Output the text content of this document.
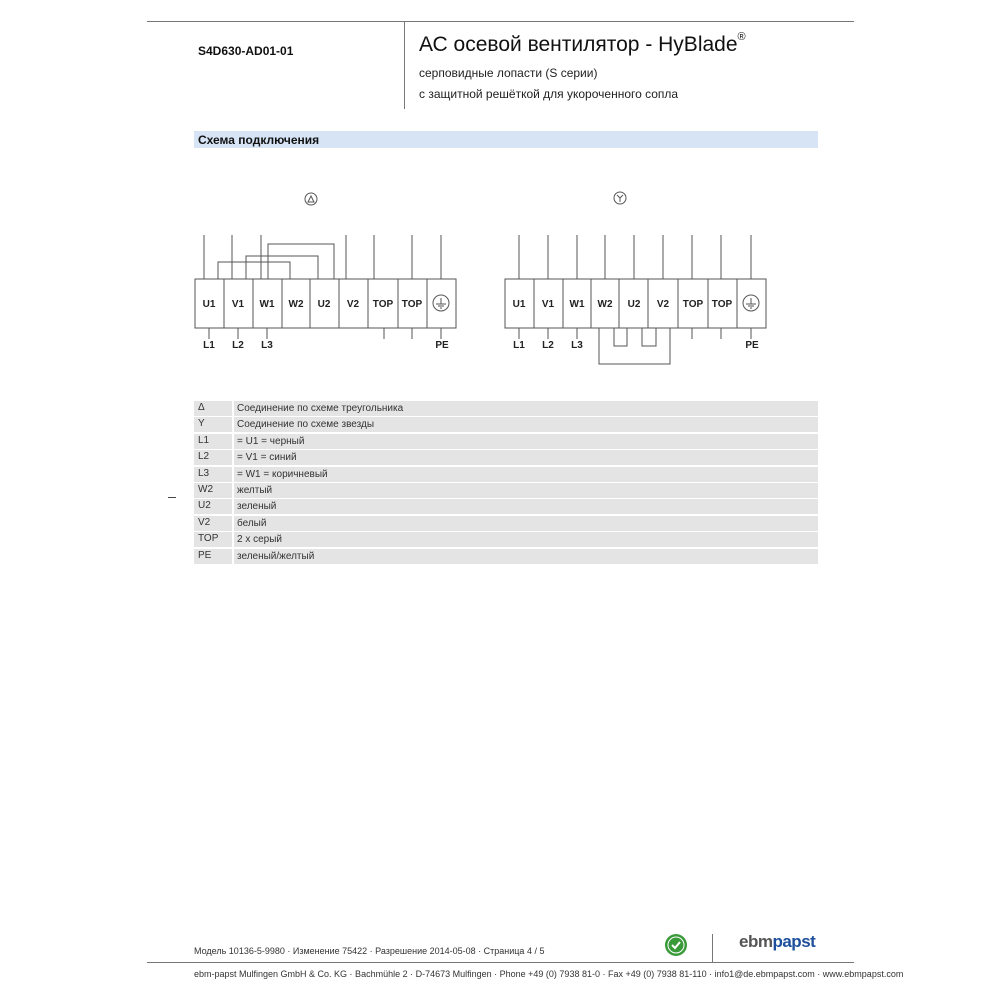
S4D630-AD01-01	АС осевой вентилятор - HyBlade®
серповидные лопасти (S серии)
с защитной решёткой для укороченного сопла
Схема подключения
U1 V1 W1 W2 U2 V2 TOP TOP
L1 L2 L3	PE
U1 V1 W1 W2 U2 V2 TOP TOP
L1 L2 L3	PE
Δ	Соединение по схеме треугольника
Y	Соединение по схеме звезды
L1	= U1 = черный
L2	= V1 = синий
L3	= W1 = коричневый
W2	желтый
U2	зеленый
V2	белый
TOP	2 х серый
PE	зеленый/желтый
Модель 10136-5-9980 · Изменение 75422 · Разрешение 2014-05-08 · Страница 4 / 5
ebm-papst Mulfingen GmbH & Co. KG · Bachmühle 2 · D-74673 Mulfingen · Phone +49 (0) 7938 81-0 · Fax +49 (0) 7938 81-110 · info1@de.ebmpapst.com · www.ebmpapst.com
ebmpapst
